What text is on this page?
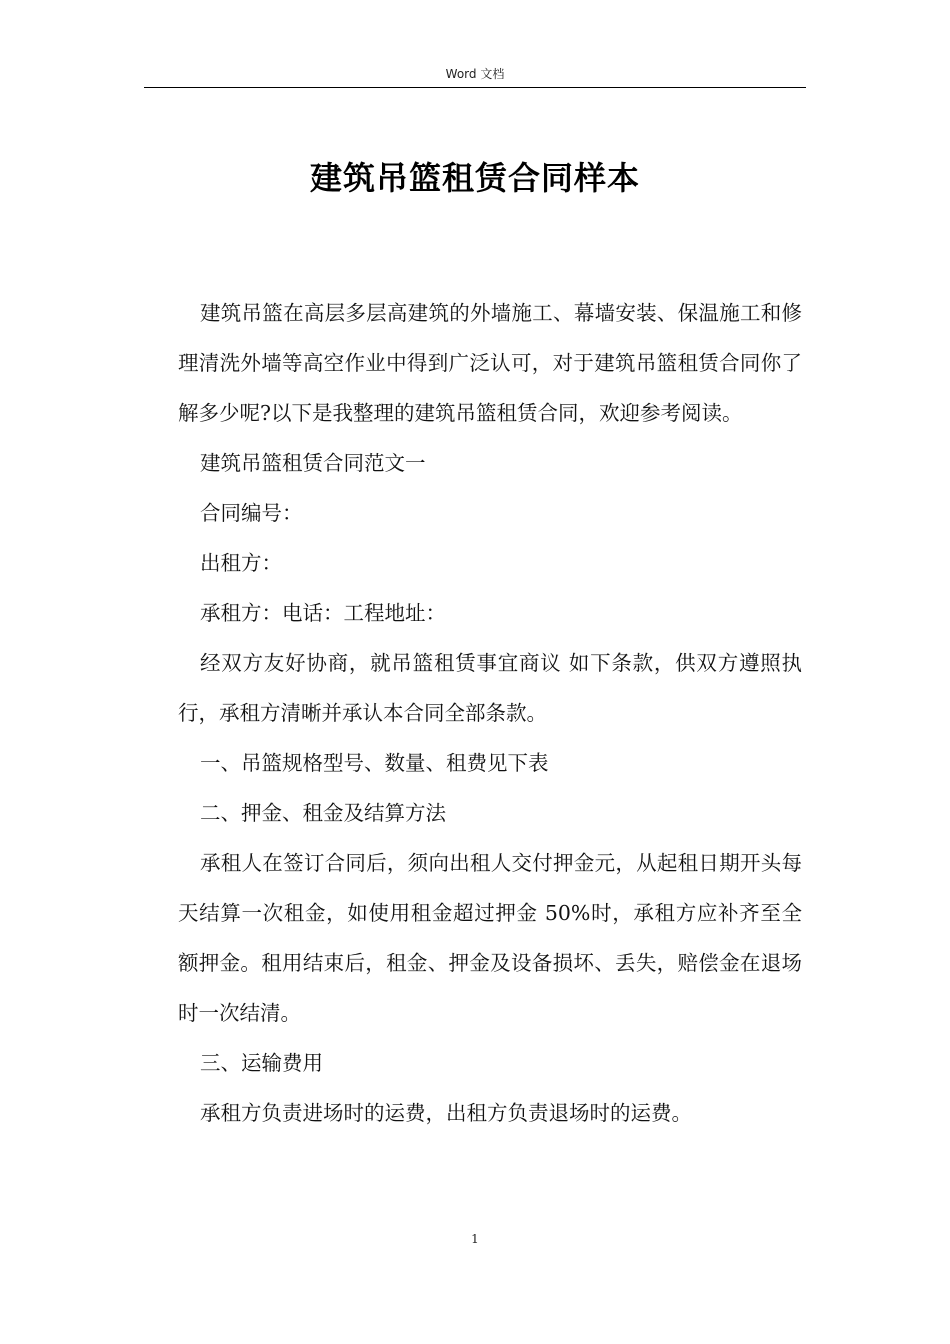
Word 文档
建筑吊篮租赁合同样本

建筑吊篮在高层多层高建筑的外墙施工、幕墙安装、保温施工和修理清洗外墙等高空作业中得到广泛认可，对于建筑吊篮租赁合同你了解多少呢?以下是我整理的建筑吊篮租赁合同，欢迎参考阅读。

建筑吊篮租赁合同范文一

合同编号：

出租方：

承租方：电话：工程地址：

经双方友好协商，就吊篮租赁事宜商议 如下条款，供双方遵照执行，承租方清晰并承认本合同全部条款。

一、吊篮规格型号、数量、租费见下表

二、押金、租金及结算方法

承租人在签订合同后，须向出租人交付押金元，从起租日期开头每天结算一次租金，如使用租金超过押金 50%时，承租方应补齐至全额押金。租用结束后，租金、押金及设备损坏、丢失，赔偿金在退场时一次结清。

三、运输费用

承租方负责进场时的运费，出租方负责退场时的运费。

1
